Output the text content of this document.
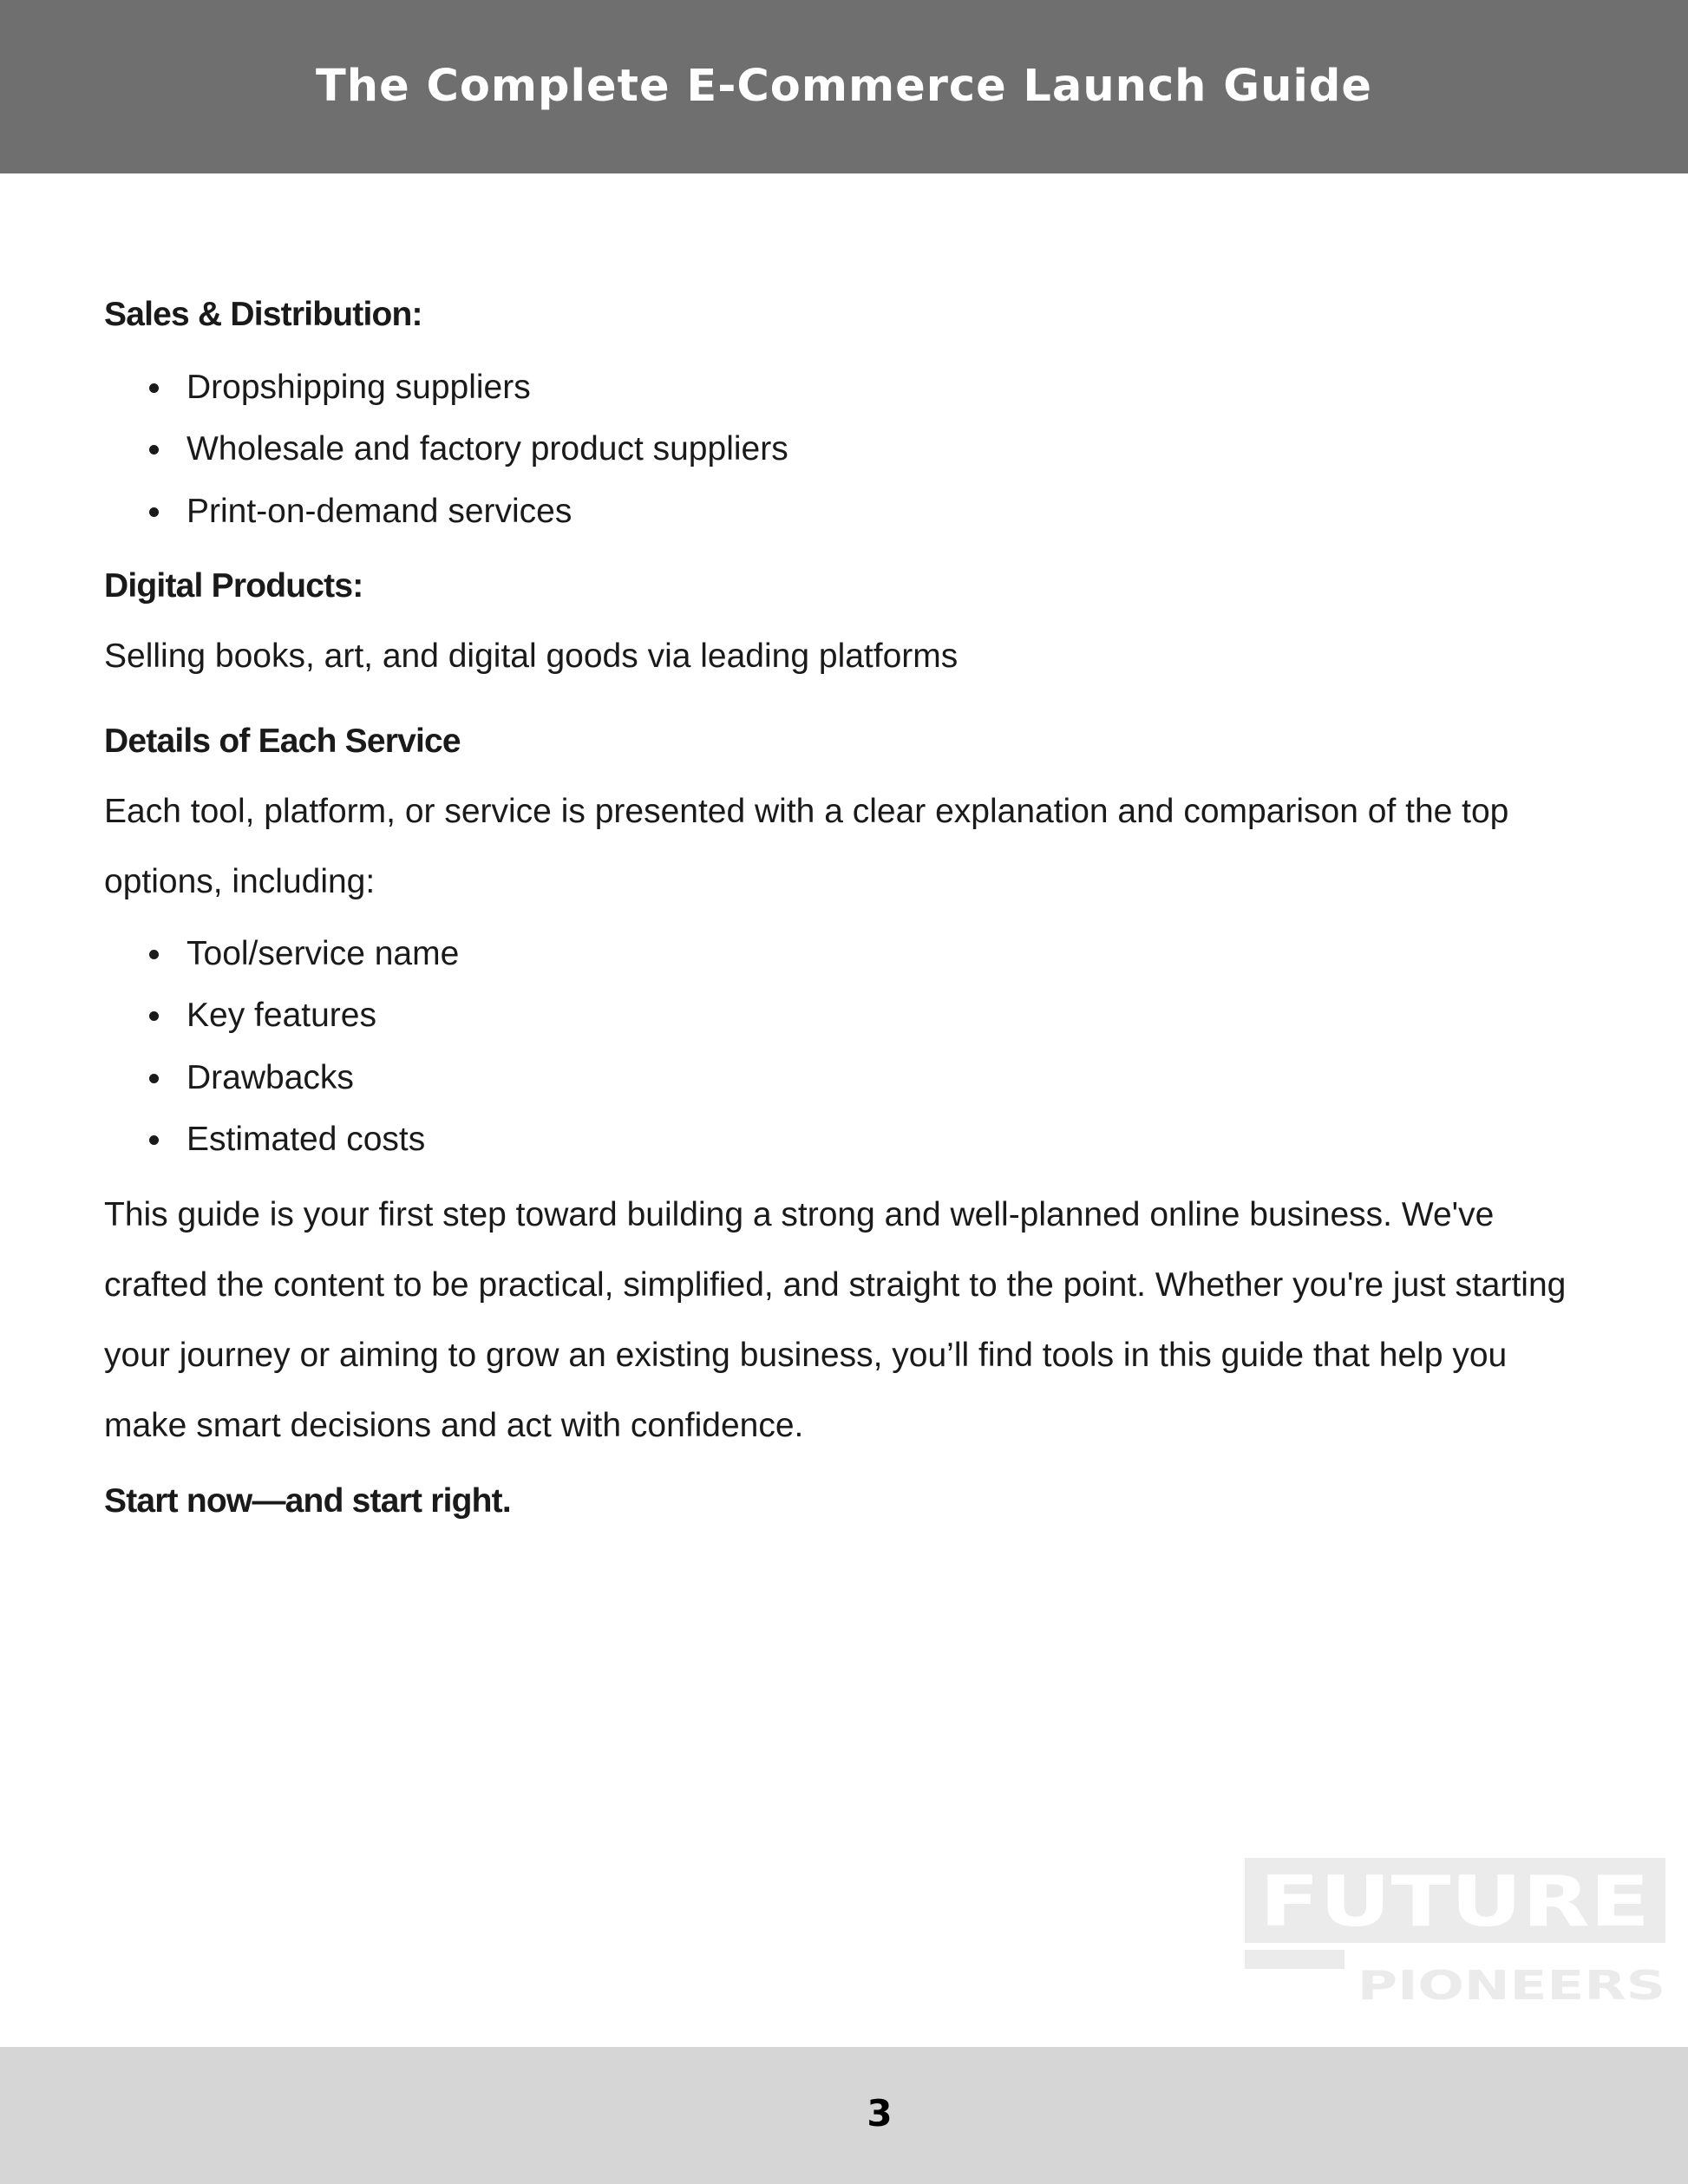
The Complete E-Commerce Launch Guide
Sales & Distribution:
Dropshipping suppliers
Wholesale and factory product suppliers
Print-on-demand services
Digital Products:

Selling books, art, and digital goods via leading platforms

Details of Each Service

Each tool, platform, or service is presented with a clear explanation and comparison of the top options, including:

Tool/service name
Key features
Drawbacks
Estimated costs

This guide is your first step toward building a strong and well-planned online business. We've crafted the content to be practical, simplified, and straight to the point. Whether you're just starting your journey or aiming to grow an existing business, you’ll find tools in this guide that help you make smart decisions and act with confidence.

Start now—and start right.
FUTURE
PIONEERS
3
